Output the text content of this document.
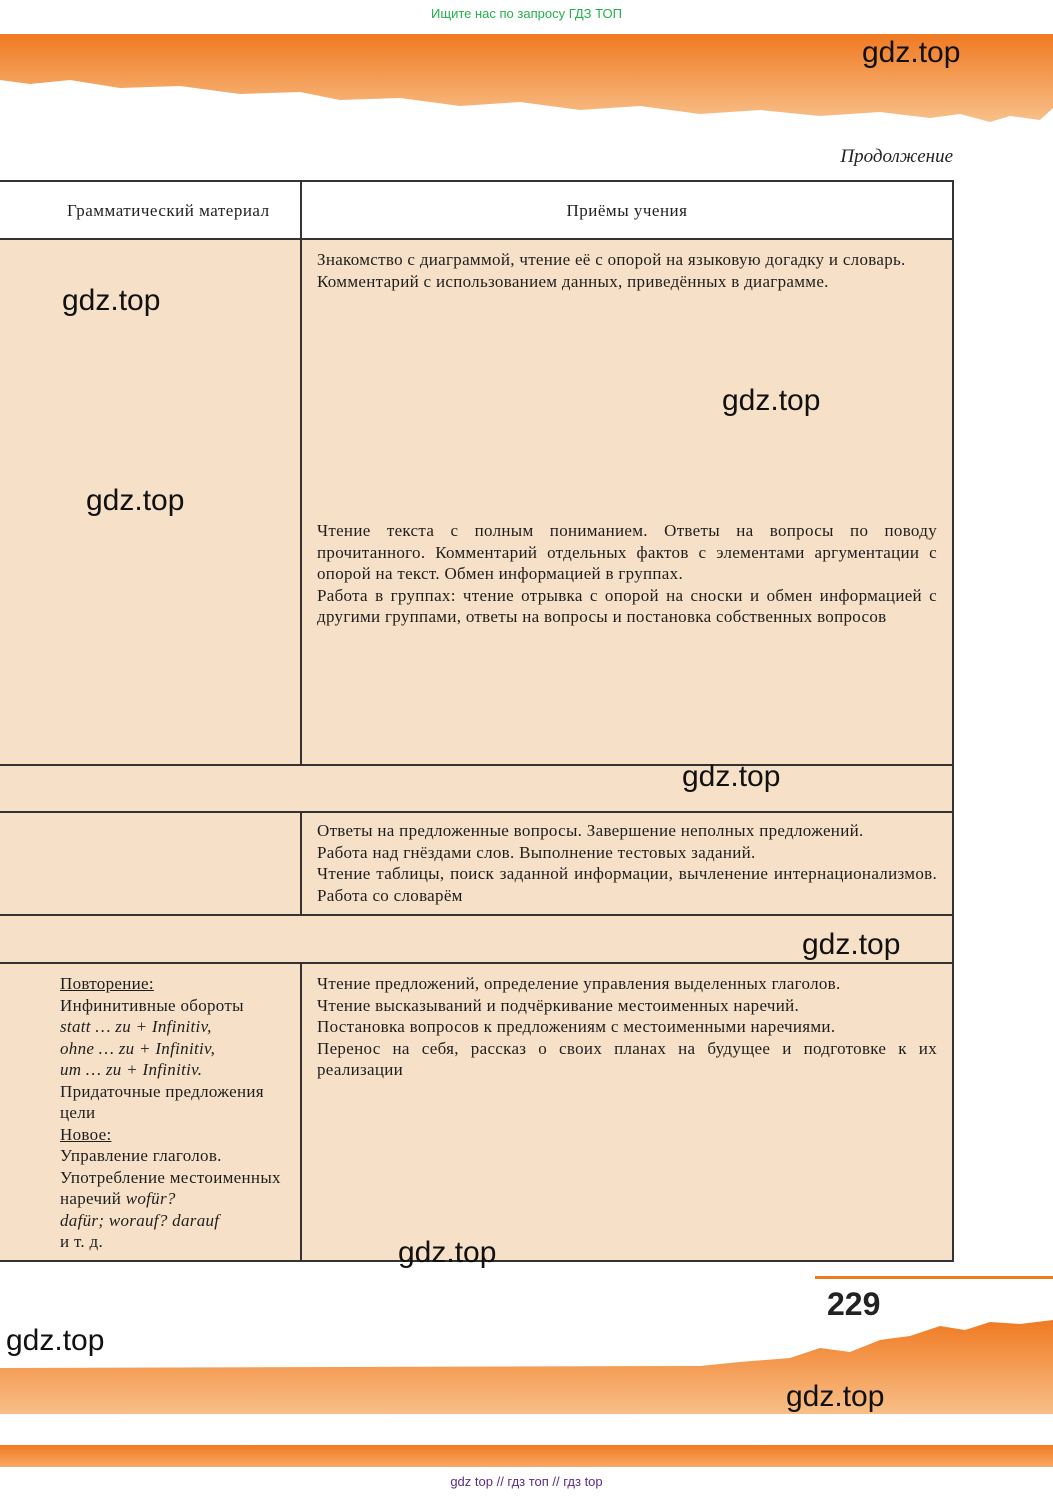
Ищите нас по запросу ГДЗ ТОП
gdz.top
Продолжение
Грамматический материал	Приёмы учения
Знакомство с диаграммой, чтение её с опорой на языковую догадку и словарь.
Комментарий с использованием данных, приведённых в диаграмме.
Чтение текста с полным пониманием. Ответы на вопросы по поводу прочитанного. Комментарий отдельных фактов с элементами аргументации с опорой на текст. Обмен информацией в группах.
Работа в группах: чтение отрывка с опорой на сноски и обмен информацией с другими группами, ответы на вопросы и постановка собственных вопросов
Ответы на предложенные вопросы. Завершение неполных предложений.
Работа над гнёздами слов. Выполнение тестовых заданий.
Чтение таблицы, поиск заданной информации, вычленение интернационализмов. Работа со словарём
Повторение:
Инфинитивные обороты
statt … zu + Infinitiv,
ohne … zu + Infinitiv,
um … zu + Infinitiv.
Придаточные предложения цели
Новое:
Управление глаголов.
Употребление местоименных наречий wofür?
dafür; worauf? darauf
и т. д.
Чтение предложений, определение управления выделенных глаголов.
Чтение высказываний и подчёркивание местоименных наречий.
Постановка вопросов к предложениям с местоименными наречиями.
Перенос на себя, рассказ о своих планах на будущее и подготовке к их реализации
gdz.top
gdz.top
gdz.top
gdz.top
gdz.top
gdz.top
229
gdz.top
gdz.top
gdz top // гдз топ // гдз top
